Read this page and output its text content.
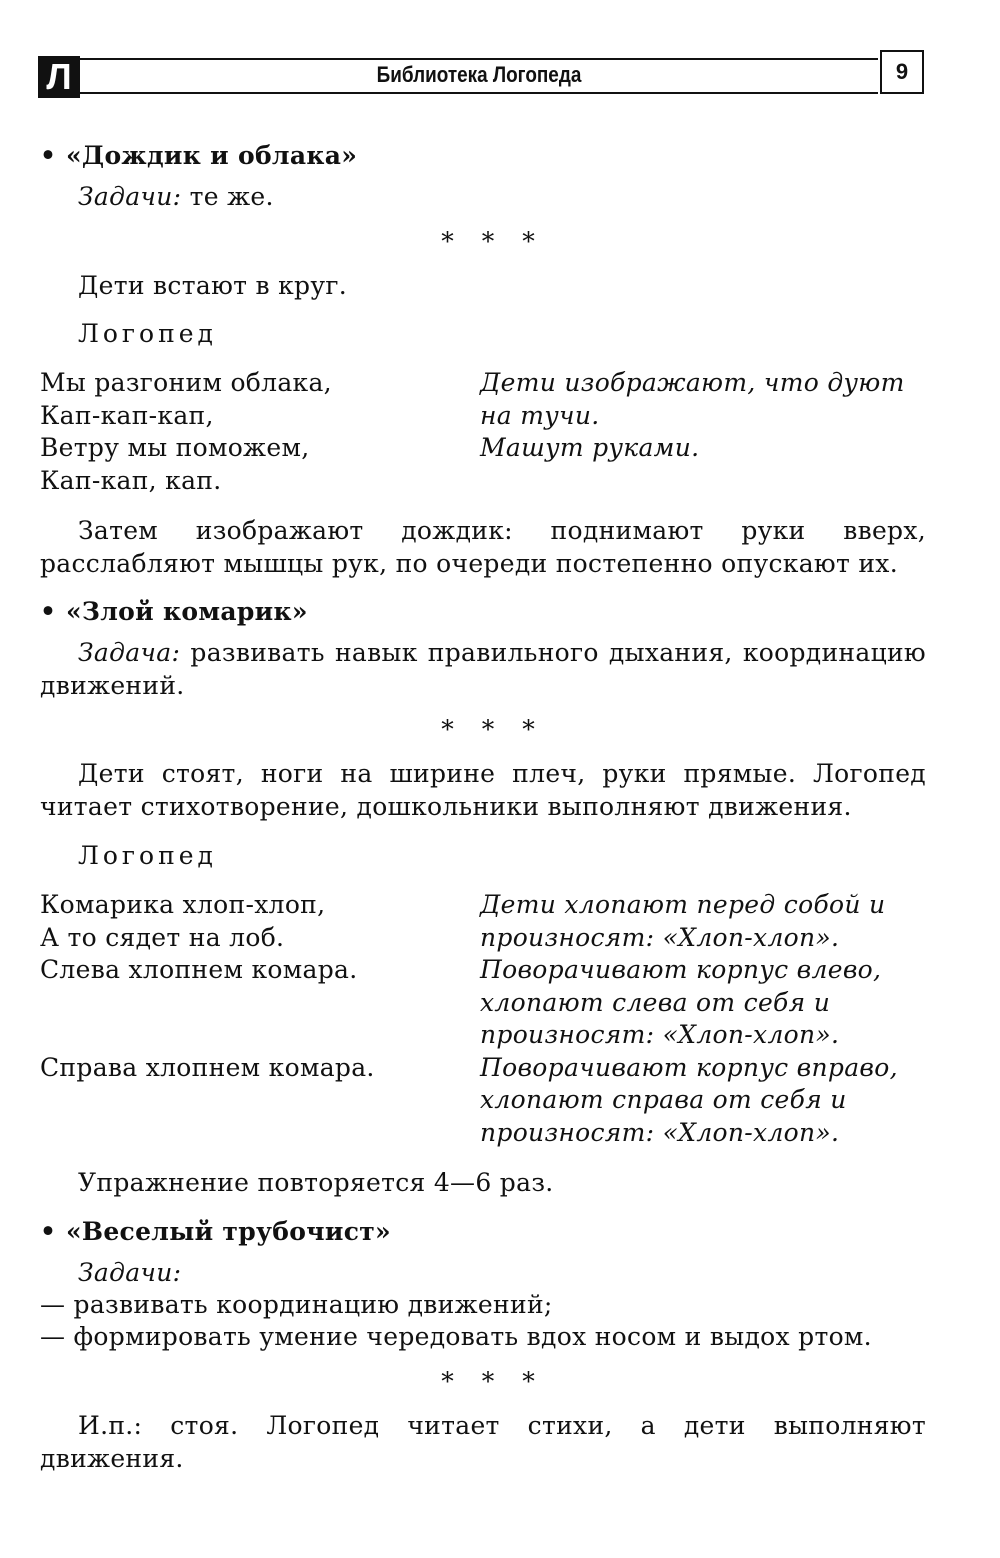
Л	Библиотека Логопеда	9
• «Дождик и облака»
Задачи: те же.
* * *
Дети встают в круг.
Логопед
Мы разгоним облака,
Кап-кап-кап,
Ветру мы поможем,
Кап-кап, кап.
Дети изображают, что дуют
на тучи.
Машут руками.
Затем изображают дождик: поднимают руки вверх, расслабляют мышцы рук, по очереди постепенно опускают их.
• «Злой комарик»
Задача: развивать навык правильного дыхания, координацию движений.
* * *
Дети стоят, ноги на ширине плеч, руки прямые. Логопед читает стихотворение, дошкольники выполняют движения.
Логопед
Комарика хлоп-хлоп,
А то сядет на лоб.
Слева хлопнем комара.
Справа хлопнем комара.
Дети хлопают перед собой и
произносят: «Хлоп-хлоп».
Поворачивают корпус влево,
хлопают слева от себя и
произносят: «Хлоп-хлоп».
Поворачивают корпус вправо,
хлопают справа от себя и
произносят: «Хлоп-хлоп».
Упражнение повторяется 4—6 раз.
• «Веселый трубочист»
Задачи:
— развивать координацию движений;
— формировать умение чередовать вдох носом и выдох ртом.
* * *
И.п.: стоя. Логопед читает стихи, а дети выполняют движения.
